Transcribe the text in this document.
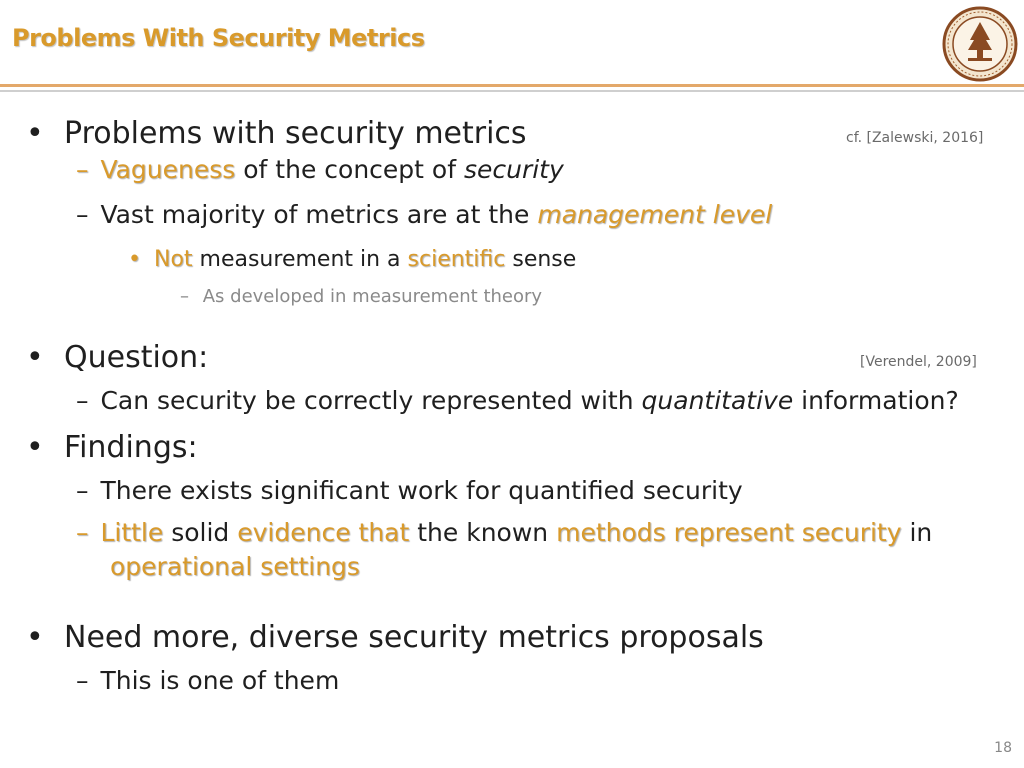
Problems With Security Metrics
• Problems with security metrics	cf. [Zalewski, 2016]
– Vagueness of the concept of security
– Vast majority of metrics are at the management level
• Not measurement in a scientific sense
– As developed in measurement theory
• Question:	[Verendel, 2009]
– Can security be correctly represented with quantitative information?
• Findings:
– There exists significant work for quantified security
– Little solid evidence that the known methods represent security in
operational settings
• Need more, diverse security metrics proposals
– This is one of them
18
